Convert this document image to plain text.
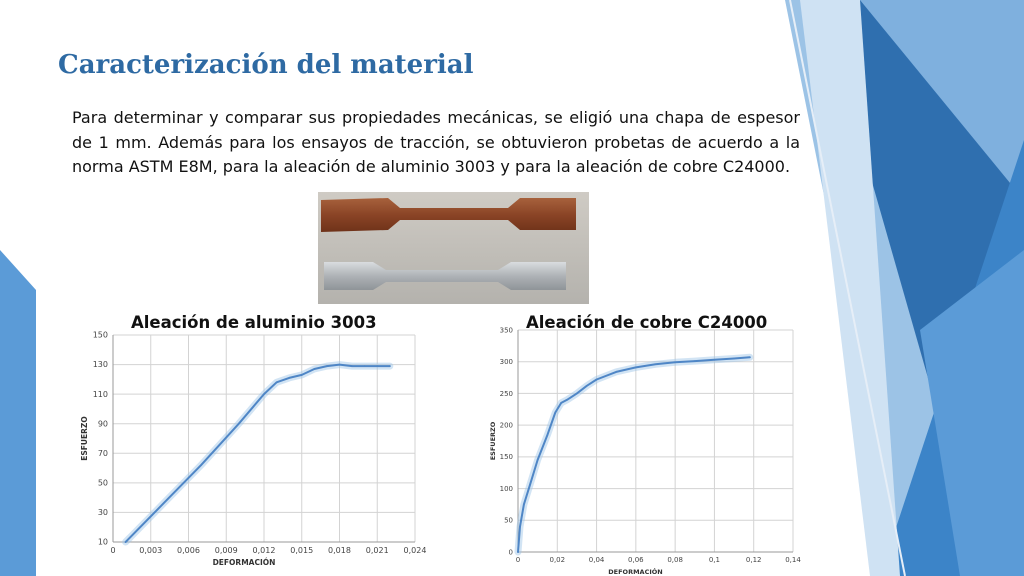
Caracterización del material
Para determinar y comparar sus propiedades mecánicas, se eligió una chapa de espesor de 1 mm. Además para los ensayos de tracción, se obtuvieron probetas de acuerdo a la norma ASTM E8M, para la aleación de aluminio 3003 y para la aleación de cobre C24000.
Aleación de aluminio 3003	Aleación de cobre C24000
0	0,003 0,006 0,009 0,012 0,015 0,018 0,021 0,024
10
30
50
70
90
110
130
150
DEFORMACIÓN
ESFUERZO
0	0,02	0,04	0,06	0,08	0,1	0,12	0,14
0
50
100
150
200
250
300
350
DEFORMACIÓN
ESFUERZO
